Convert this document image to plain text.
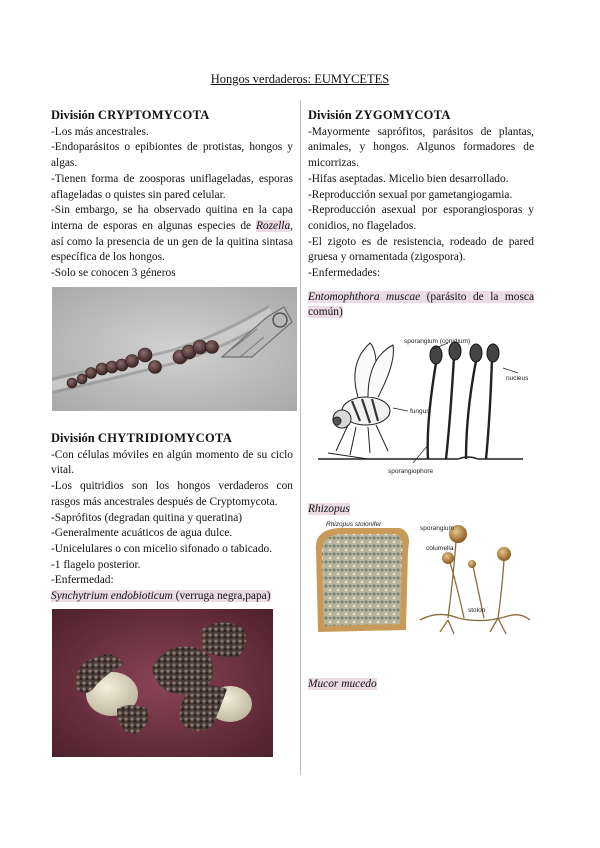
Hongos verdaderos: EUMYCETES
División CRYPTOMYCOTA

-Los más ancestrales.

-Endoparásitos o epibiontes de protistas, hongos y algas.

-Tienen forma de zoosporas uniflageladas, esporas aflageladas o quistes sin pared celular.

-Sin embargo, se ha observado quitina en la capa interna de esporas en algunas especies de Rozella, así como la presencia de un gen de la quitina sintasa específica de los hongos.

-Solo se conocen 3 géneros

División CHYTRIDIOMYCOTA

-Con células móviles en algún momento de su ciclo vital.

-Los quitridios son los hongos verdaderos con rasgos más ancestrales después de Cryptomycota.

-Saprófitos (degradan quitina y queratina)

-Generalmente acuáticos de agua dulce.

-Unicelulares o con micelio sifonado o tabicado.

-1 flagelo posterior.

-Enfermedad:

Synchytrium endobioticum (verruga negra,papa)

División ZYGOMYCOTA

-Mayormente saprófitos, parásitos de plantas, animales, y hongos. Algunos formadores de micorrizas.

-Hifas aseptadas. Micelio bien desarrollado.

-Reproducción sexual por gametangiogamia.

-Reproducción asexual por esporangiosporas y conidios, no flagelados.

-El zigoto es de resistencia, rodeado de pared gruesa y ornamentada (zigospora).

-Enfermedades:

Entomophthora muscae (parásito de la mosca común)

sporangium (conidium)
fungus
nucleus
sporangiophore
Rhizopus
Rhizopus stolonifer
sporangium
columella
stolon
Mucor mucedo
